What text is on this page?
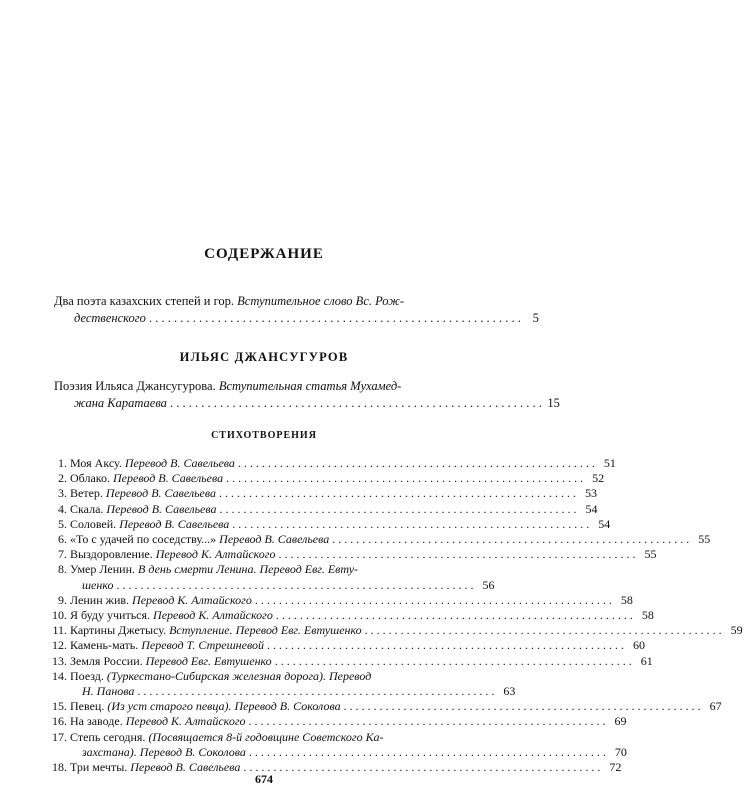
СОДЕРЖАНИЕ
Два поэта казахских степей и гор. Вступительное слово Вс. Рож-
дественского . . . . . . . . . . . . . . . . . . . . . . . . . . . . . . . . . . . . . . . . . . . . . . . . . . . . . . . . . . . . 5
ИЛЬЯС ДЖАНСУГУРОВ
Поэзия Ильяса Джансугурова. Вступительная статья Мухамед-
жана Каратаева . . . . . . . . . . . . . . . . . . . . . . . . . . . . . . . . . . . . . . . . . . . . . . . . . . . . . . . . . . . . 15
СТИХОТВОРЕНИЯ
1. Моя Аксу. Перевод В. Савельева . . . . . . . . . . . . . . . . . . . . . . . . . . . . . . . . . . . . . . . . . . . . . . . . . . . . . . . . . . . . 51
2. Облако. Перевод В. Савельева . . . . . . . . . . . . . . . . . . . . . . . . . . . . . . . . . . . . . . . . . . . . . . . . . . . . . . . . . . . . 52
3. Ветер. Перевод В. Савельева . . . . . . . . . . . . . . . . . . . . . . . . . . . . . . . . . . . . . . . . . . . . . . . . . . . . . . . . . . . . 53
4. Скала. Перевод В. Савельева . . . . . . . . . . . . . . . . . . . . . . . . . . . . . . . . . . . . . . . . . . . . . . . . . . . . . . . . . . . . 54
5. Соловей. Перевод В. Савельева . . . . . . . . . . . . . . . . . . . . . . . . . . . . . . . . . . . . . . . . . . . . . . . . . . . . . . . . . . . . 54
6. «То с удачей по соседству...» Перевод В. Савельева . . . . . . . . . . . . . . . . . . . . . . . . . . . . . . . . . . . . . . . . . . . . . . . . . . . . . . . . . . . . 55
7. Выздоровление. Перевод К. Алтайского . . . . . . . . . . . . . . . . . . . . . . . . . . . . . . . . . . . . . . . . . . . . . . . . . . . . . . . . . . . . 55
8. Умер Ленин. В день смерти Ленина. Перевод Евг. Евту-
шенко . . . . . . . . . . . . . . . . . . . . . . . . . . . . . . . . . . . . . . . . . . . . . . . . . . . . . . . . . . . . 56
9. Ленин жив. Перевод К. Алтайского . . . . . . . . . . . . . . . . . . . . . . . . . . . . . . . . . . . . . . . . . . . . . . . . . . . . . . . . . . . . 58
10. Я буду учиться. Перевод К. Алтайского . . . . . . . . . . . . . . . . . . . . . . . . . . . . . . . . . . . . . . . . . . . . . . . . . . . . . . . . . . . . 58
11. Картины Джетысу. Вступление. Перевод Евг. Евтушенко . . . . . . . . . . . . . . . . . . . . . . . . . . . . . . . . . . . . . . . . . . . . . . . . . . . . . . . . . . . . 59
12. Камень-мать. Перевод Т. Стрешневой . . . . . . . . . . . . . . . . . . . . . . . . . . . . . . . . . . . . . . . . . . . . . . . . . . . . . . . . . . . . 60
13. Земля России. Перевод Евг. Евтушенко . . . . . . . . . . . . . . . . . . . . . . . . . . . . . . . . . . . . . . . . . . . . . . . . . . . . . . . . . . . . 61
14. Поезд. (Туркестано-Сибирская железная дорога). Перевод
Н. Панова . . . . . . . . . . . . . . . . . . . . . . . . . . . . . . . . . . . . . . . . . . . . . . . . . . . . . . . . . . . . 63
15. Певец. (Из уст старого певца). Перевод В. Соколова . . . . . . . . . . . . . . . . . . . . . . . . . . . . . . . . . . . . . . . . . . . . . . . . . . . . . . . . . . . . 67
16. На заводе. Перевод К. Алтайского . . . . . . . . . . . . . . . . . . . . . . . . . . . . . . . . . . . . . . . . . . . . . . . . . . . . . . . . . . . . 69
17. Степь сегодня. (Посвящается 8-й годовщине Советского Ка-
захстана). Перевод В. Соколова . . . . . . . . . . . . . . . . . . . . . . . . . . . . . . . . . . . . . . . . . . . . . . . . . . . . . . . . . . . . 70
18. Три мечты. Перевод В. Савельева . . . . . . . . . . . . . . . . . . . . . . . . . . . . . . . . . . . . . . . . . . . . . . . . . . . . . . . . . . . . 72
674
